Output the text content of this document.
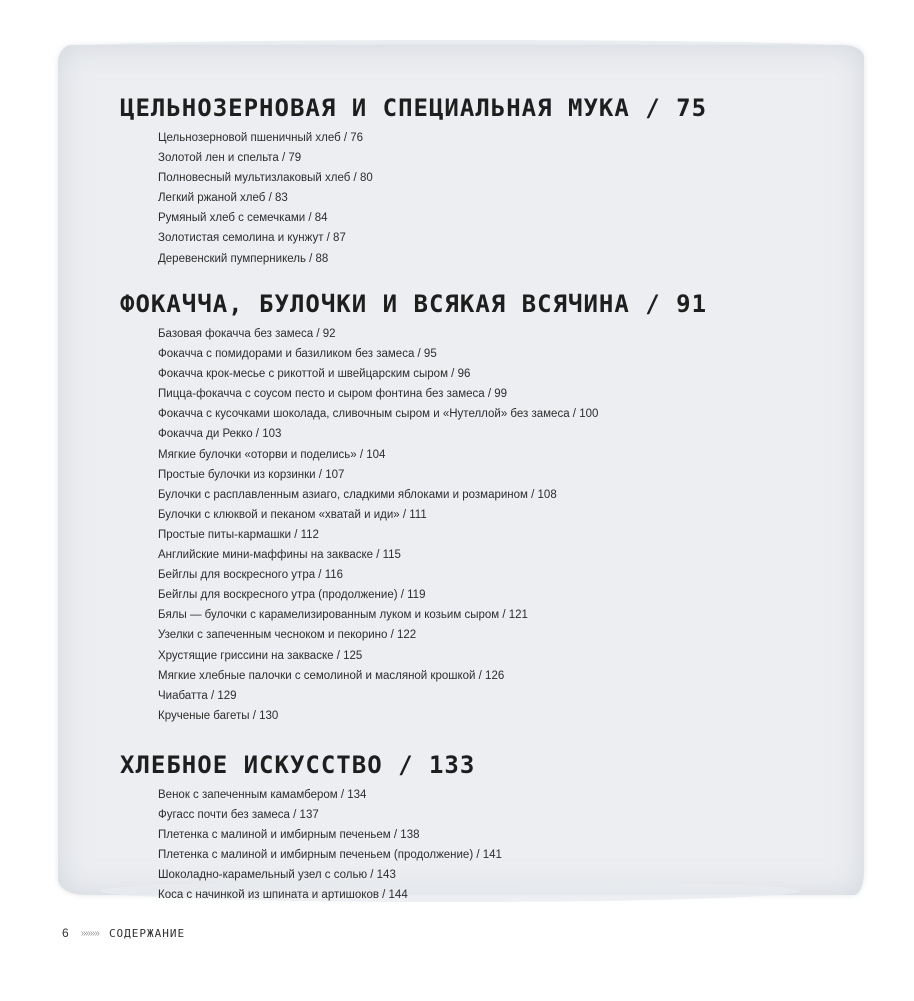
ЦЕЛЬНОЗЕРНОВАЯ И СПЕЦИАЛЬНАЯ МУКА / 75
Цельнозерновой пшеничный хлеб / 76
Золотой лен и спельта / 79
Полновесный мультизлаковый хлеб / 80
Легкий ржаной хлеб / 83
Румяный хлеб с семечками / 84
Золотистая семолина и кунжут / 87
Деревенский пумперникель / 88
ФОКАЧЧА, БУЛОЧКИ И ВСЯКАЯ ВСЯЧИНА / 91
Базовая фокачча без замеса / 92
Фокачча с помидорами и базиликом без замеса / 95
Фокачча крок-месье с рикоттой и швейцарским сыром / 96
Пицца-фокачча с соусом песто и сыром фонтина без замеса / 99
Фокачча с кусочками шоколада, сливочным сыром и «Нутеллой» без замеса / 100
Фокачча ди Рекко / 103
Мягкие булочки «оторви и поделись» / 104
Простые булочки из корзинки / 107
Булочки с расплавленным азиаго, сладкими яблоками и розмарином / 108
Булочки с клюквой и пеканом «хватай и иди» / 111
Простые питы-кармашки / 112
Английские мини-маффины на закваске / 115
Бейглы для воскресного утра / 116
Бейглы для воскресного утра (продолжение) / 119
Бялы — булочки с карамелизированным луком и козьим сыром / 121
Узелки с запеченным чесноком и пекорино / 122
Хрустящие гриссини на закваске / 125
Мягкие хлебные палочки с семолиной и масляной крошкой / 126
Чиабатта / 129
Крученые багеты / 130
ХЛЕБНОЕ ИСКУССТВО / 133
Венок с запеченным камамбером / 134
Фугасс почти без замеса / 137
Плетенка с малиной и имбирным печеньем / 138
Плетенка с малиной и имбирным печеньем (продолжение) / 141
Шоколадно-карамельный узел с солью / 143
Коса с начинкой из шпината и артишоков / 144
6 »»»» СОДЕРЖАНИЕ
